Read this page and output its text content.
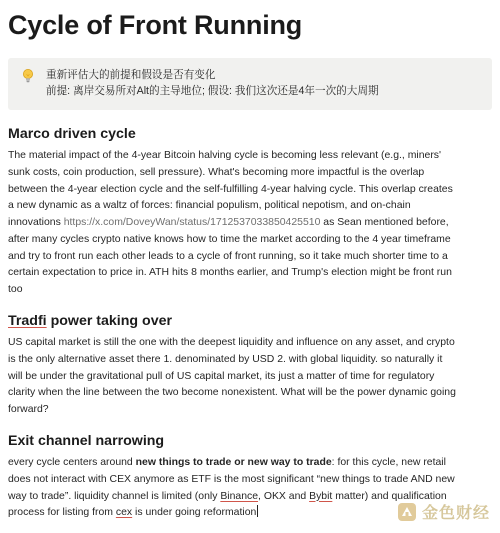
Cycle of Front Running
重新评估大的前提和假设是否有变化
前提: 离岸交易所对Alt的主导地位; 假设: 我们这次还是4年一次的大周期
Marco driven cycle

The material impact of the 4-year Bitcoin halving cycle is becoming less relevant (e.g., miners'
sunk costs, coin production, sell pressure). What's becoming more impactful is the overlap
between the 4-year election cycle and the self-fulfilling 4-year halving cycle. This overlap creates
a new dynamic as a waltz of forces: financial populism, political nepotism, and on-chain
innovations https://x.com/DoveyWan/status/1712537033850425510 as Sean mentioned before,
after many cycles crypto native knows how to time the market according to the 4 year timeframe
and try to front run each other leads to a cycle of front running, so it take much shorter time to a
certain expectation to price in. ATH hits 8 months earlier, and Trump's election might be front run
too

Tradfi power taking over

US capital market is still the one with the deepest liquidity and influence on any asset, and crypto
is the only alternative asset there 1. denominated by USD 2. with global liquidity. so naturally it
will be under the gravitational pull of US capital market, its just a matter of time for regulatory
clarity when the line between the two become nonexistent. What will be the power dynamic going
forward?

Exit channel narrowing

every cycle centers around new things to trade or new way to trade: for this cycle, new retail
does not interact with CEX anymore as ETF is the most significant “new things to trade AND new
way to trade”. liquidity channel is limited (only Binance, OKX and Bybit matter) and qualification
process for listing from cex is under going reformation	金色财经
